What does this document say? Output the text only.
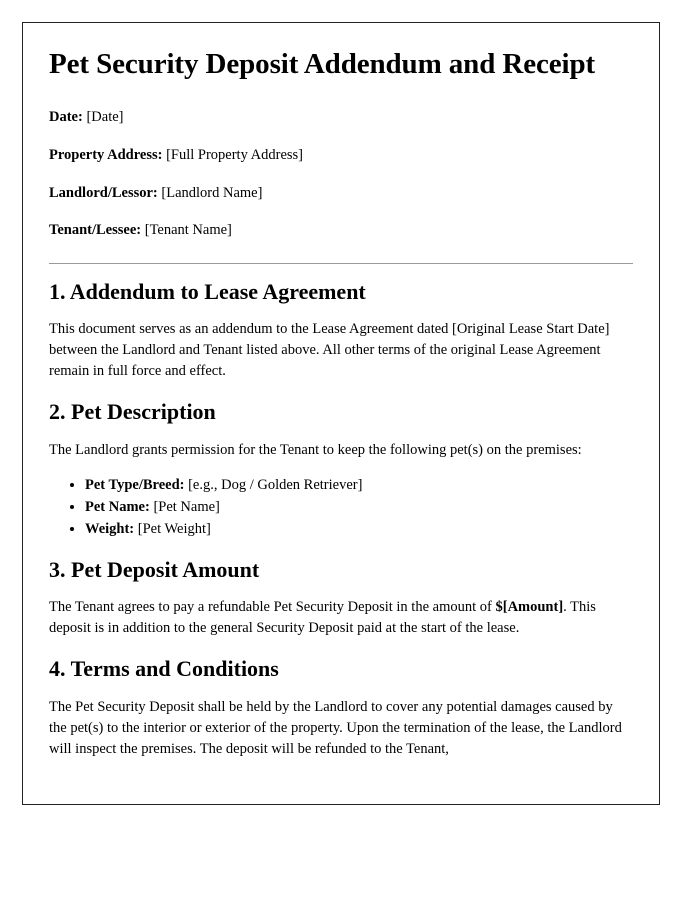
Pet Security Deposit Addendum and Receipt

Date: [Date]

Property Address: [Full Property Address]

Landlord/Lessor: [Landlord Name]

Tenant/Lessee: [Tenant Name]

1. Addendum to Lease Agreement

This document serves as an addendum to the Lease Agreement dated [Original Lease Start Date] between the Landlord and Tenant listed above. All other terms of the original Lease Agreement remain in full force and effect.

2. Pet Description

The Landlord grants permission for the Tenant to keep the following pet(s) on the premises:

• Pet Type/Breed: [e.g., Dog / Golden Retriever]
• Pet Name: [Pet Name]
• Weight: [Pet Weight]
3. Pet Deposit Amount

The Tenant agrees to pay a refundable Pet Security Deposit in the amount of $[Amount]. This deposit is in addition to the general Security Deposit paid at the start of the lease.

4. Terms and Conditions

The Pet Security Deposit shall be held by the Landlord to cover any potential damages caused by the pet(s) to the interior or exterior of the property. Upon the termination of the lease, the Landlord will inspect the premises. The deposit will be refunded to the Tenant,
